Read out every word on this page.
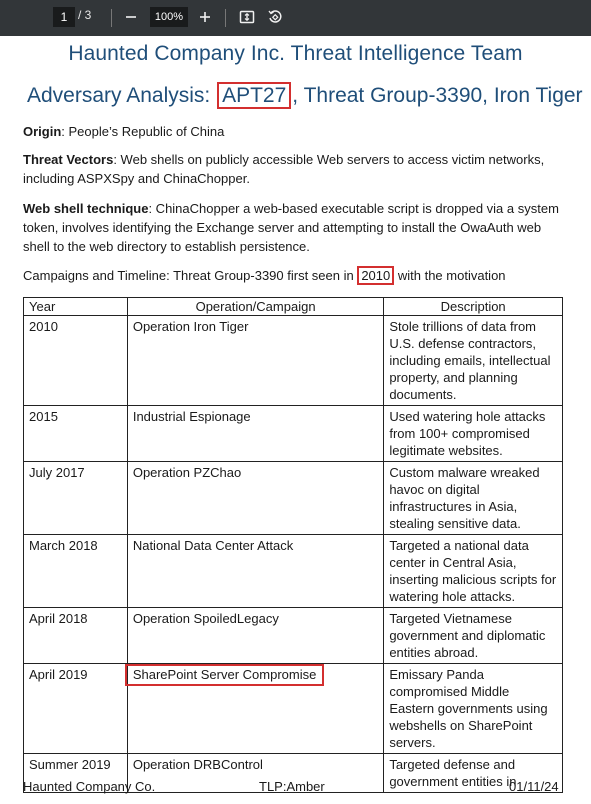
1 / 3	100%
Haunted Company Inc. Threat Intelligence Team
Adversary Analysis: APT27 , Threat Group-3390, Iron Tiger
Origin: People’s Republic of China
Threat Vectors: Web shells on publicly accessible Web servers to access victim networks, including ASPXSpy and ChinaChopper.
Web shell technique: ChinaChopper a web-based executable script is dropped via a system token, involves identifying the Exchange server and attempting to install the OwaAuth web shell to the web directory to establish persistence.
Campaigns and Timeline: Threat Group-3390 first seen in 2010 with the motivation
Year	Operation/Campaign	Description
2010	Operation Iron Tiger	Stole trillions of data from U.S. defense contractors, including emails, intellectual property, and planning documents.
2015	Industrial Espionage	Used watering hole attacks from 100+ compromised legitimate websites.
July 2017	Operation PZChao	Custom malware wreaked havoc on digital infrastructures in Asia, stealing sensitive data.
March 2018	National Data Center Attack	Targeted a national data center in Central Asia, inserting malicious scripts for watering hole attacks.
April 2018	Operation SpoiledLegacy	Targeted Vietnamese government and diplomatic entities abroad.
April 2019	SharePoint Server Compromise	Emissary Panda compromised Middle Eastern governments using webshells on SharePoint servers.
Summer 2019	Operation DRBControl	Targeted defense and government entities in
Haunted Company Co.	TLP:Amber	01/11/24
